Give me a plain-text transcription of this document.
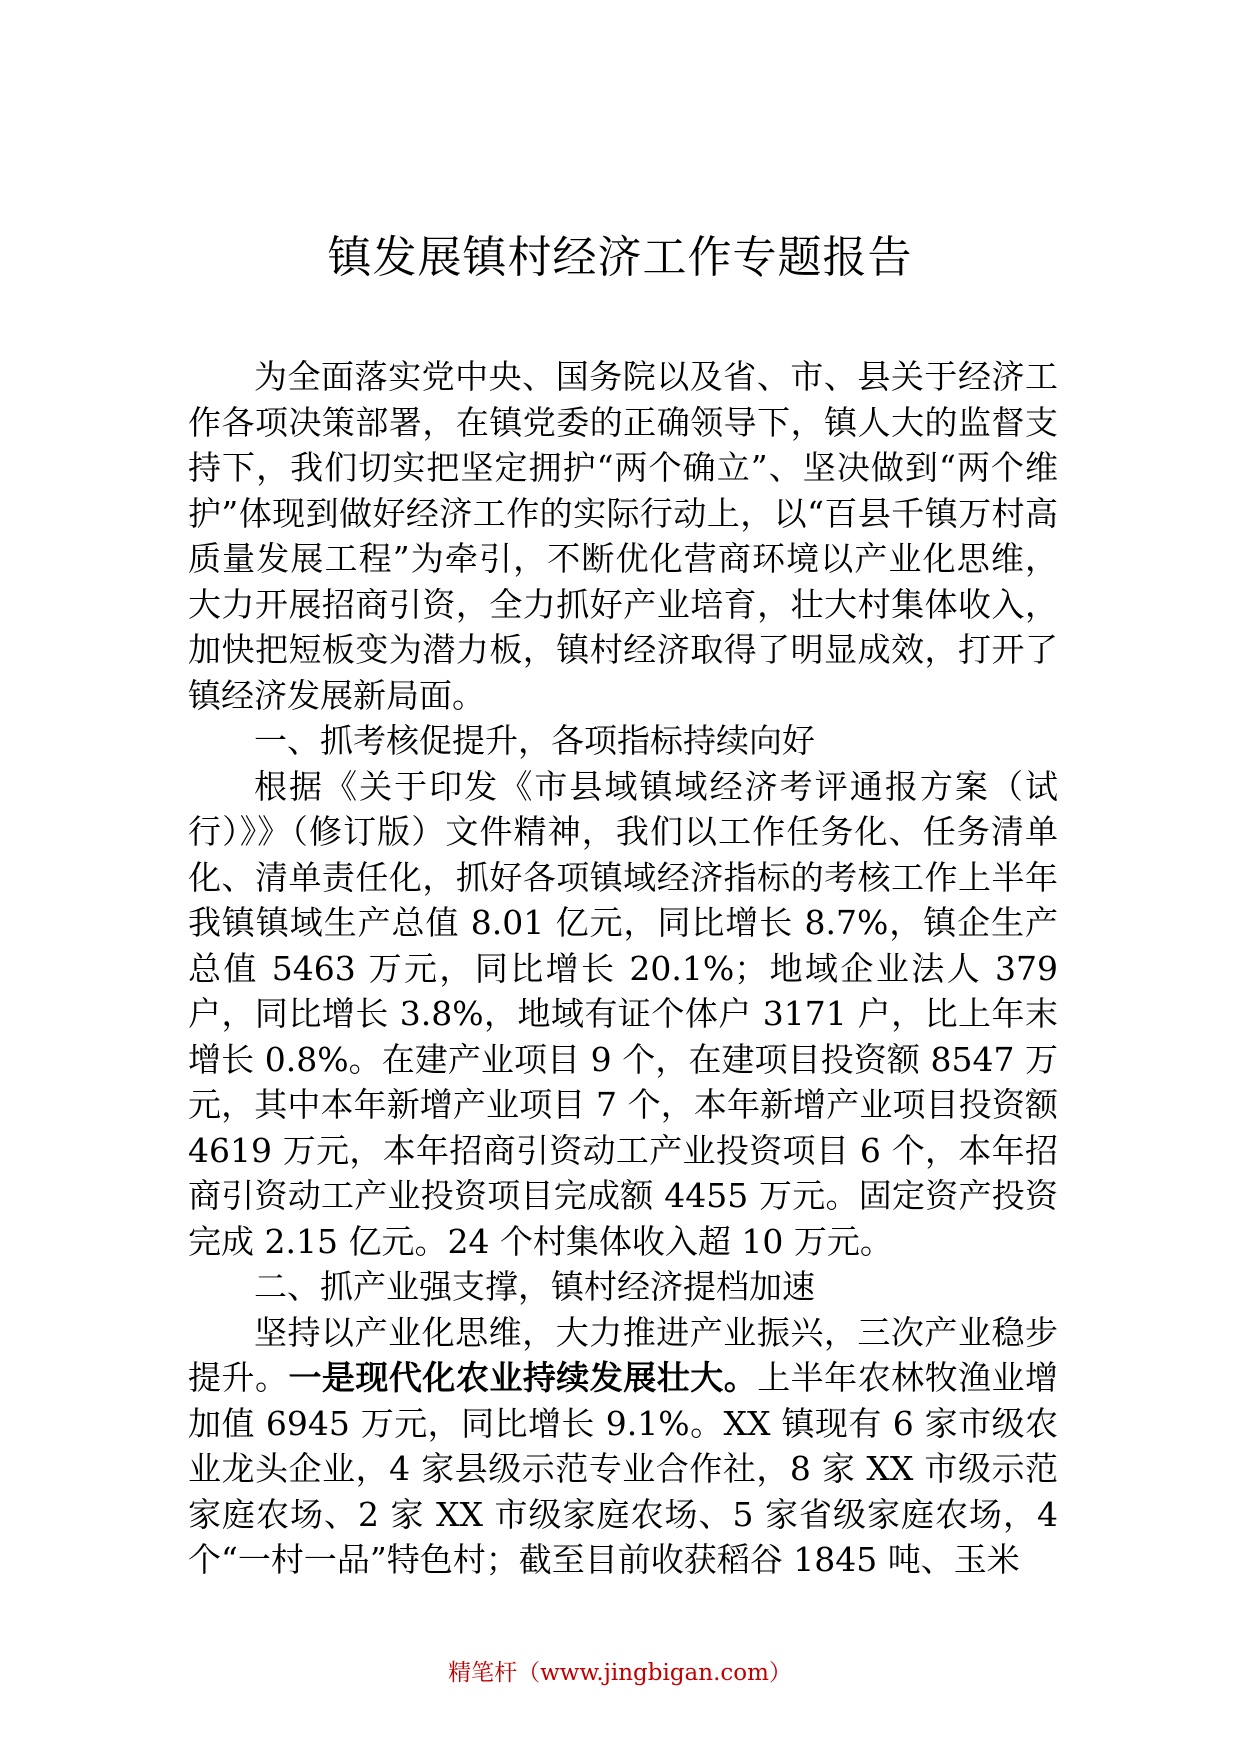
镇发展镇村经济工作专题报告

为全面落实党中央、国务院以及省、市、县关于经济工作各项决策部署，在镇党委的正确领导下，镇人大的监督支持下，我们切实把坚定拥护“两个确立”、坚决做到“两个维护”体现到做好经济工作的实际行动上，以“百县千镇万村高质量发展工程”为牵引，不断优化营商环境以产业化思维，大力开展招商引资，全力抓好产业培育，壮大村集体收入，加快把短板变为潜力板，镇村经济取得了明显成效，打开了镇经济发展新局面。

一、抓考核促提升，各项指标持续向好

根据《关于印发《市县域镇域经济考评通报方案（试行）》》（修订版）文件精神，我们以工作任务化、任务清单化、清单责任化，抓好各项镇域经济指标的考核工作上半年我镇镇域生产总值 8.01 亿元，同比增长 8.7%，镇企生产总值 5463 万元，同比增长 20.1%；地域企业法人 379 户，同比增长 3.8%，地域有证个体户 3171 户，比上年末增长 0.8%。在建产业项目 9 个，在建项目投资额 8547 万元，其中本年新增产业项目 7 个，本年新增产业项目投资额 4619 万元，本年招商引资动工产业投资项目 6 个，本年招商引资动工产业投资项目完成额 4455 万元。固定资产投资完成 2.15 亿元。24 个村集体收入超 10 万元。

二、抓产业强支撑，镇村经济提档加速

坚持以产业化思维，大力推进产业振兴，三次产业稳步提升。一是现代化农业持续发展壮大。上半年农林牧渔业增加值 6945 万元，同比增长 9.1%。XX 镇现有 6 家市级农业龙头企业，4 家县级示范专业合作社，8 家 XX 市级示范家庭农场、2 家 XX 市级家庭农场、5 家省级家庭农场，4 个“一村一品”特色村；截至目前收获稻谷 1845 吨、玉米

精笔杆（www.jingbigan.com）
